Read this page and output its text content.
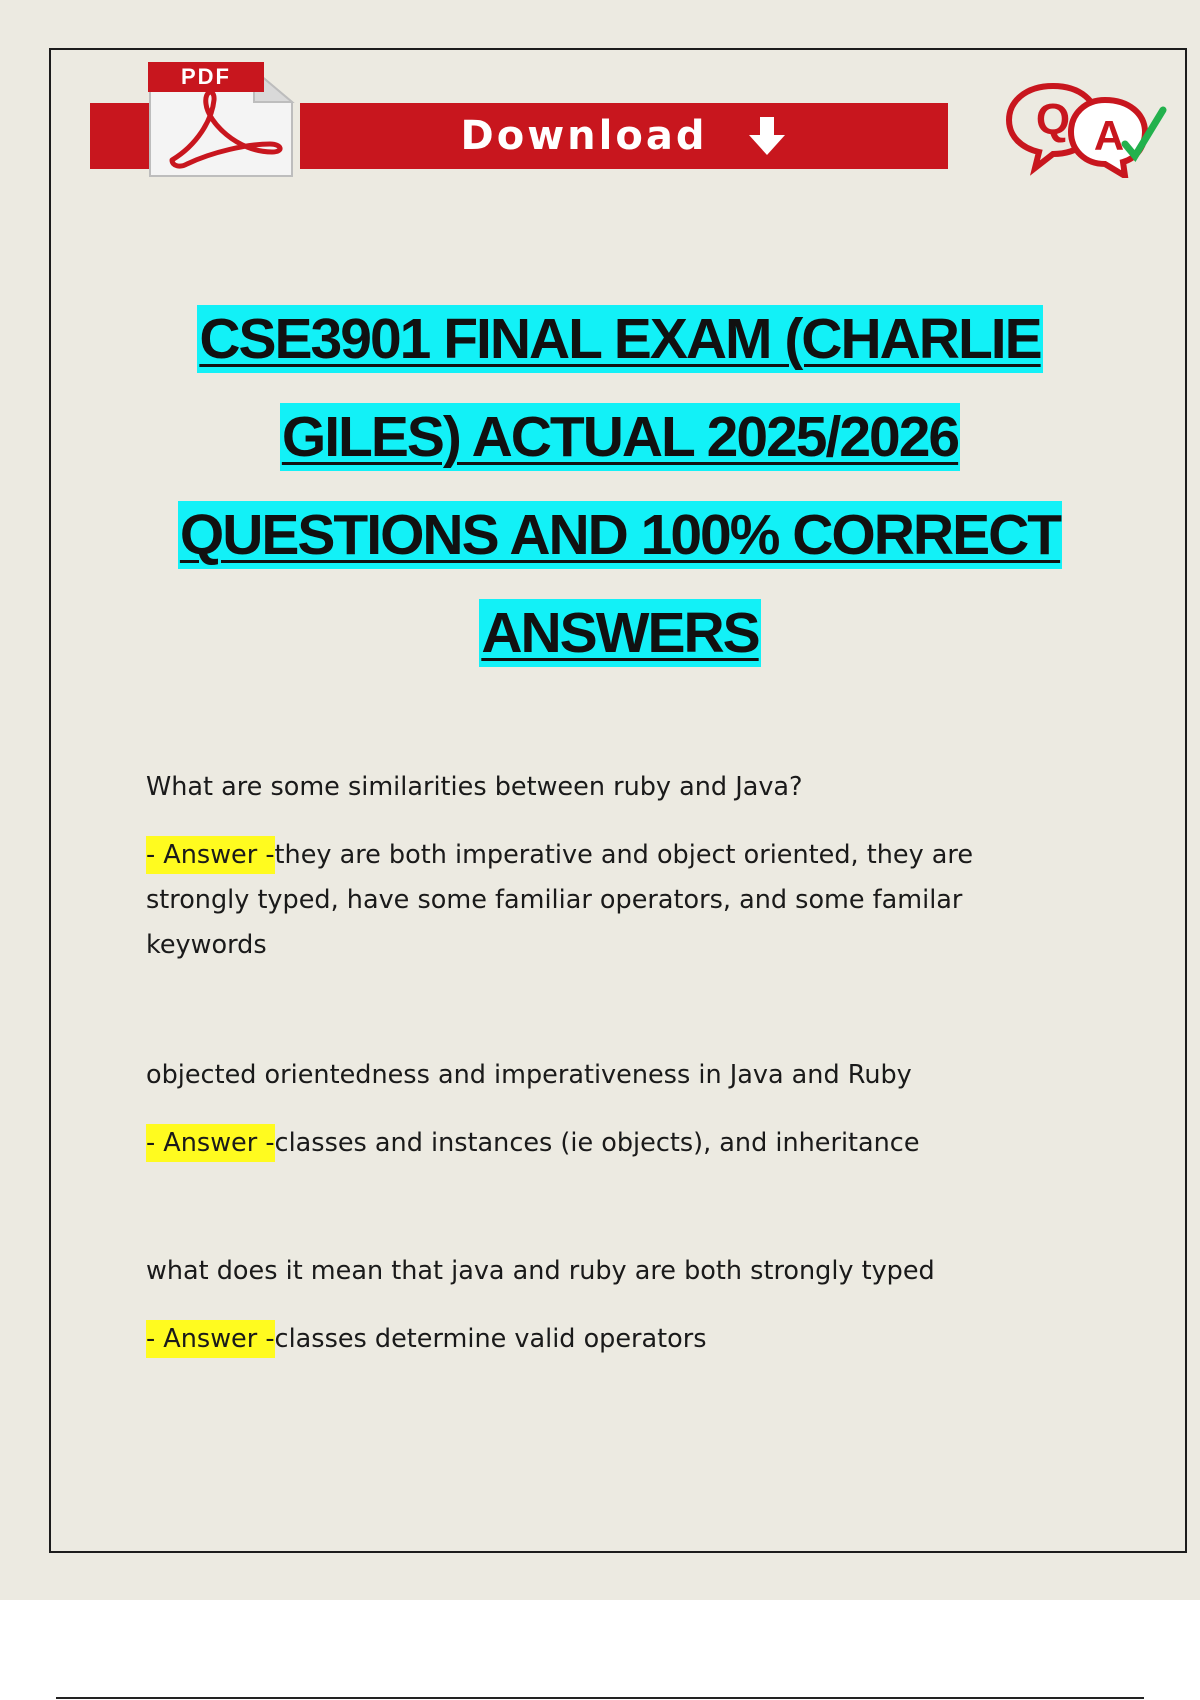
PDF
Download	Q A
CSE3901 FINAL EXAM (CHARLIE
GILES) ACTUAL 2025/2026
QUESTIONS AND 100% CORRECT
ANSWERS
What are some similarities between ruby and Java?
- Answer -they are both imperative and object oriented, they are
strongly typed, have some familiar operators, and some familar
keywords
objected orientedness and imperativeness in Java and Ruby
- Answer -classes and instances (ie objects), and inheritance
what does it mean that java and ruby are both strongly typed
- Answer -classes determine valid operators
